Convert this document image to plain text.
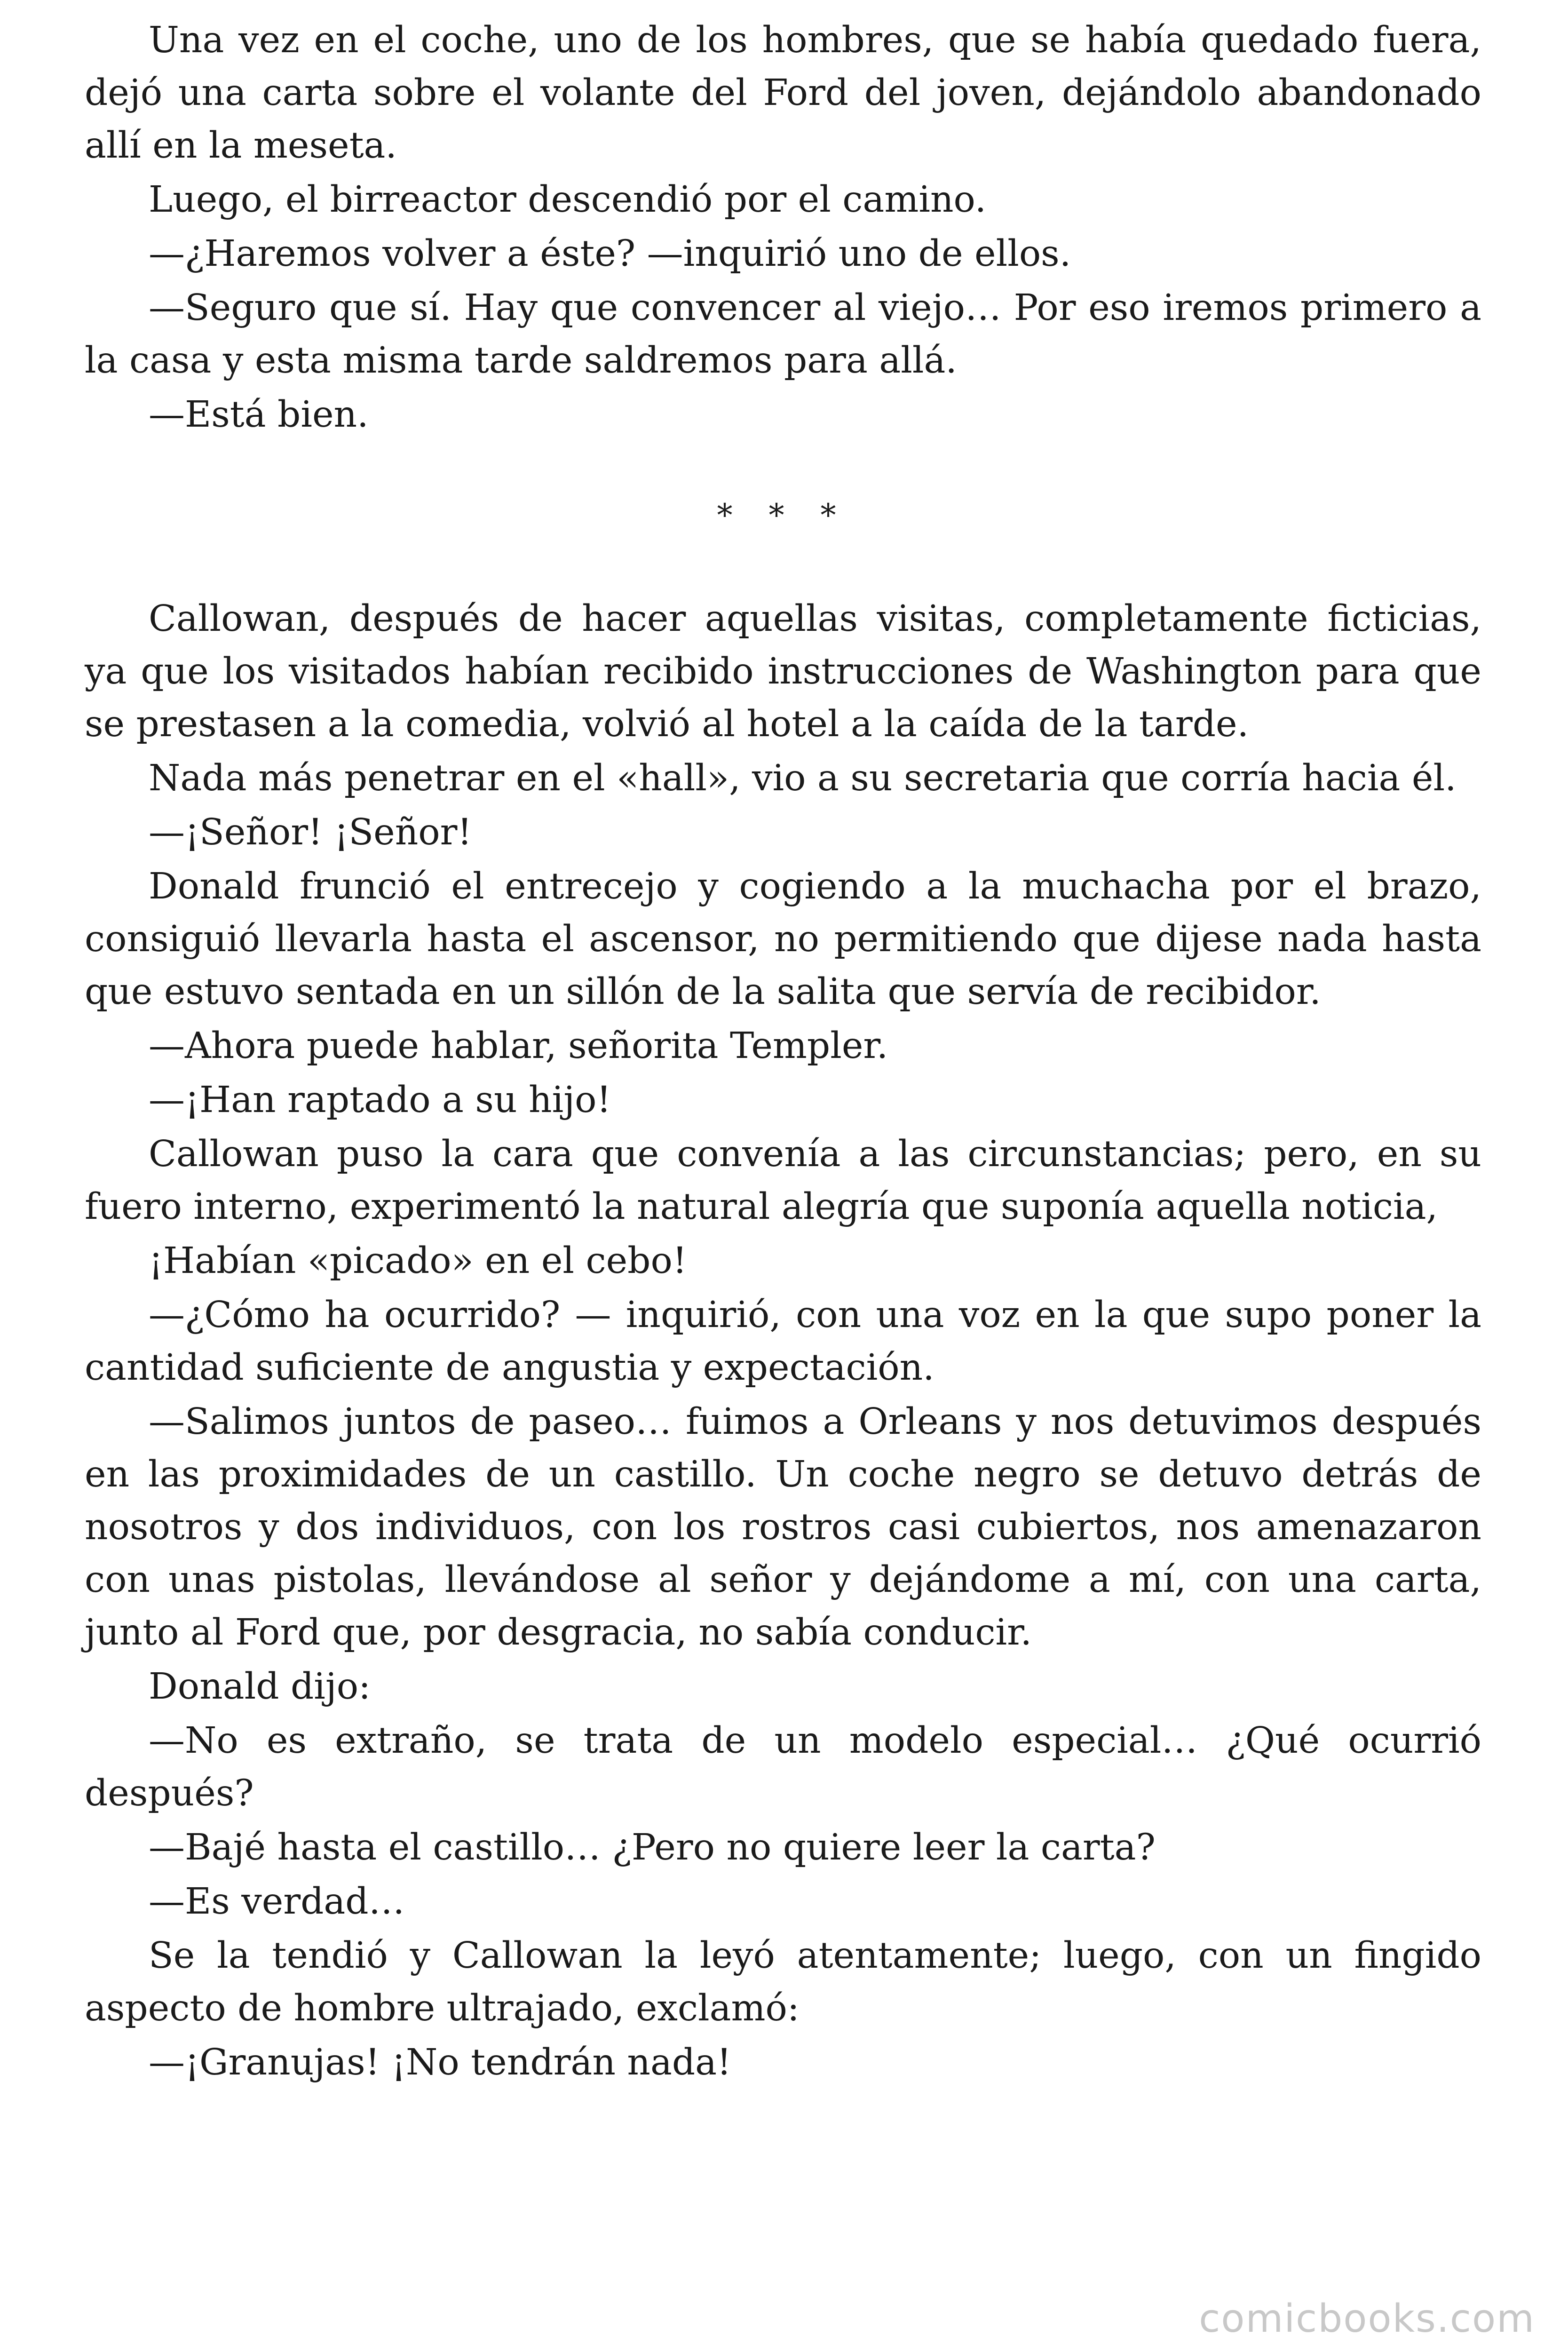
Una vez en el coche, uno de los hombres, que se había quedado fuera, dejó una carta sobre el volante del Ford del joven, dejándolo abandonado allí en la meseta.

Luego, el birreactor descendió por el camino.

—¿Haremos volver a éste? —inquirió uno de ellos.

—Seguro que sí. Hay que convencer al viejo… Por eso iremos primero a la casa y esta misma tarde saldremos para allá.

—Está bien.

* * *

Callowan, después de hacer aquellas visitas, completamente ficticias, ya que los visitados habían recibido instrucciones de Washington para que se prestasen a la comedia, volvió al hotel a la caída de la tarde.

Nada más penetrar en el «hall», vio a su secretaria que corría hacia él.

—¡Señor! ¡Señor!

Donald frunció el entrecejo y cogiendo a la muchacha por el brazo, consiguió llevarla hasta el ascensor, no permitiendo que dijese nada hasta que estuvo sentada en un sillón de la salita que servía de recibidor.

—Ahora puede hablar, señorita Templer.

—¡Han raptado a su hijo!

Callowan puso la cara que convenía a las circunstancias; pero, en su fuero interno, experimentó la natural alegría que suponía aquella noticia,

¡Habían «picado» en el cebo!

—¿Cómo ha ocurrido? — inquirió, con una voz en la que supo poner la cantidad suficiente de angustia y expectación.

—Salimos juntos de paseo… fuimos a Orleans y nos detuvimos después en las proximidades de un castillo. Un coche negro se detuvo detrás de nosotros y dos individuos, con los rostros casi cubiertos, nos amenazaron con unas pistolas, llevándose al señor y dejándome a mí, con una carta, junto al Ford que, por desgracia, no sabía conducir.

Donald dijo:

—No es extraño, se trata de un modelo especial… ¿Qué ocurrió después?

—Bajé hasta el castillo… ¿Pero no quiere leer la carta?

—Es verdad…

Se la tendió y Callowan la leyó atentamente; luego, con un fingido aspecto de hombre ultrajado, exclamó:

—¡Granujas! ¡No tendrán nada!

comicbooks.com
